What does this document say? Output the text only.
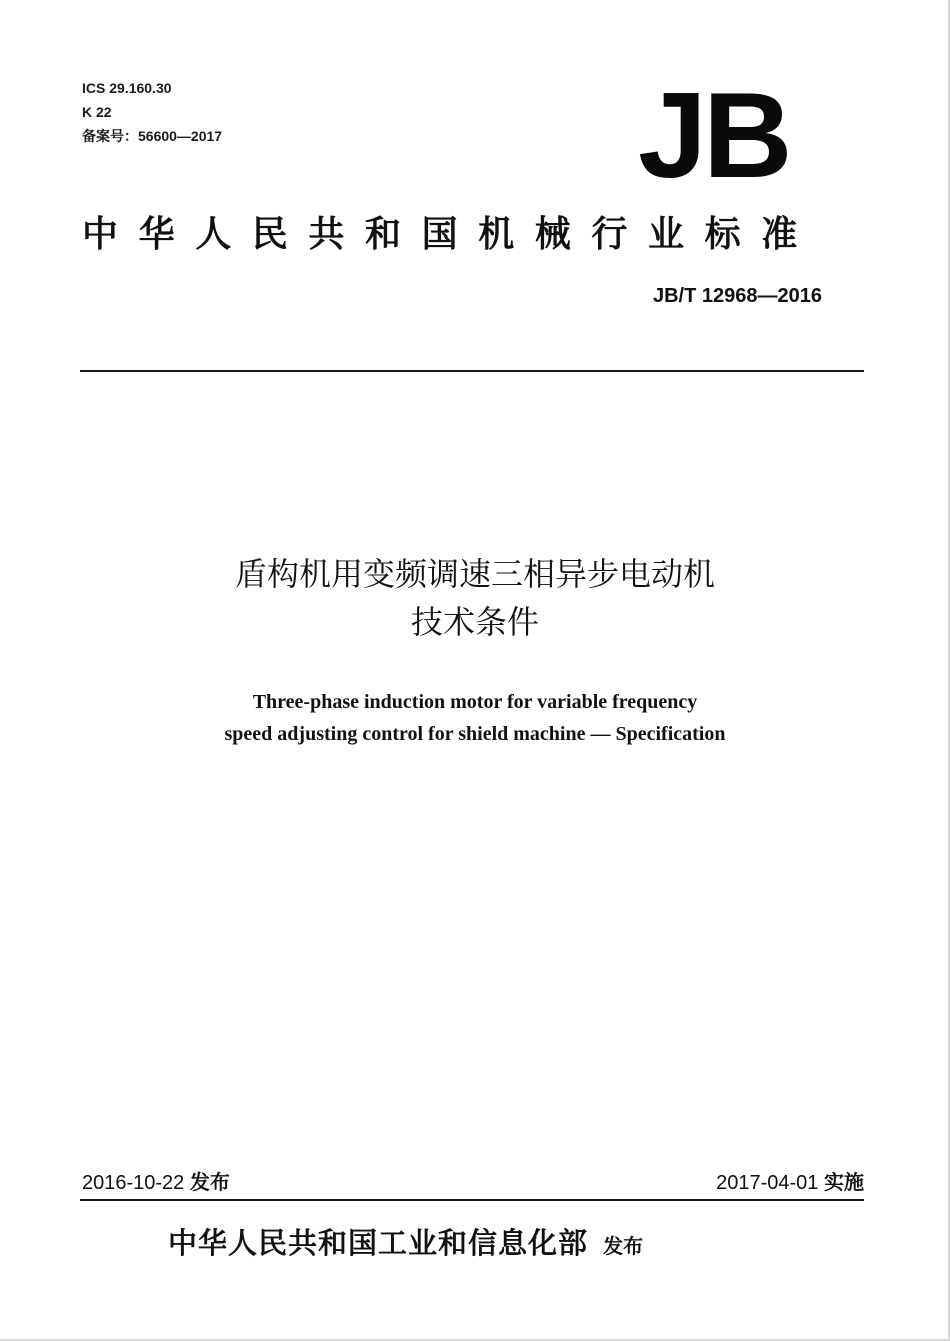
ICS 29.160.30
K 22
备案号：56600—2017	JB
中华人民共和国机械行业标准
JB/T 12968—2016
盾构机用变频调速三相异步电动机
技术条件
Three-phase induction motor for variable frequency
speed adjusting control for shield machine — Specification
2016-10-22 发布	2017-04-01 实施
中华人民共和国工业和信息化部 发布
